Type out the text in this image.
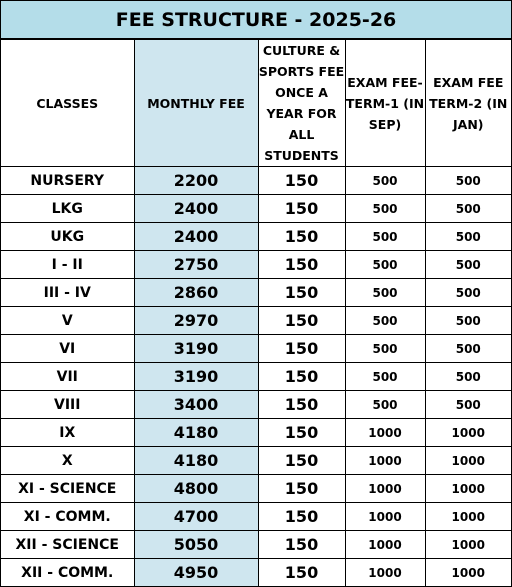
FEE STRUCTURE - 2025-26
CLASSES	MONTHLY FEE	CULTURE & SPORTS FEE ONCE A YEAR FOR ALL STUDENTS	EXAM FEE-TERM-1 (IN SEP)	EXAM FEE TERM-2 (IN JAN)
NURSERY	2200	150	500	500
LKG	2400	150	500	500
UKG	2400	150	500	500
I - II	2750	150	500	500
III - IV	2860	150	500	500
V	2970	150	500	500
VI	3190	150	500	500
VII	3190	150	500	500
VIII	3400	150	500	500
IX	4180	150	1000	1000
X	4180	150	1000	1000
XI - SCIENCE	4800	150	1000	1000
XI - COMM.	4700	150	1000	1000
XII - SCIENCE	5050	150	1000	1000
XII - COMM.	4950	150	1000	1000
